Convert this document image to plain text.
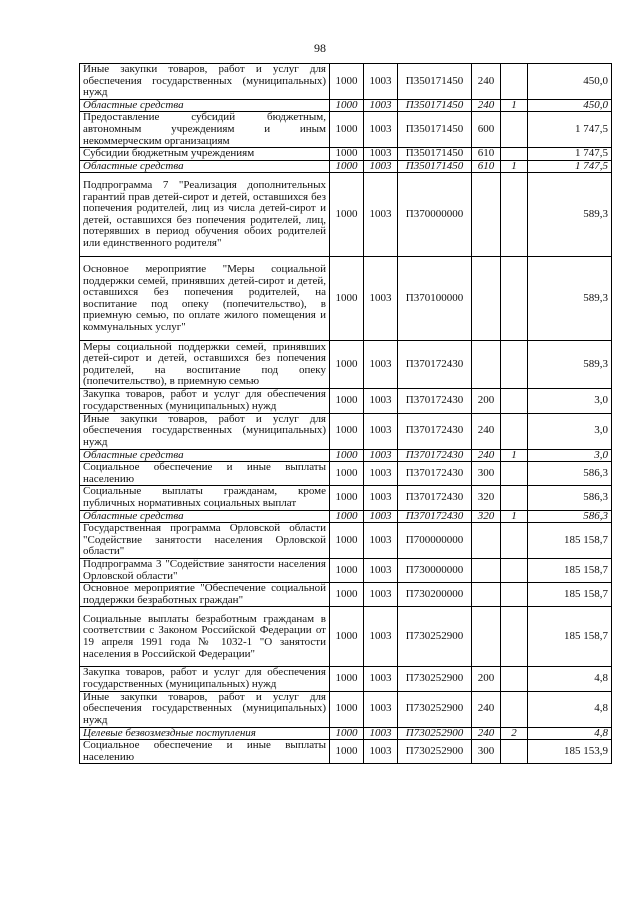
98
Иные закупки товаров, работ и услуг для обеспечения государственных (муниципальных) нужд	1000	1003	П350171450	240		450,0
Областные средства	1000	1003	П350171450	240	1	450,0
Предоставление субсидий бюджетным, автономным учреждениям и иным некоммерческим организациям	1000	1003	П350171450	600		1 747,5
Субсидии бюджетным учреждениям	1000	1003	П350171450	610		1 747,5
Областные средства	1000	1003	П350171450	610	1	1 747,5
Подпрограмма 7 "Реализация дополнительных гарантий прав детей-сирот и детей, оставшихся без попечения родителей, лиц из числа детей-сирот и детей, оставшихся без попечения родителей, лиц, потерявших в период обучения обоих родителей или единственного родителя"	1000	1003	П370000000			589,3
Основное мероприятие "Меры социальной поддержки семей, принявших детей-сирот и детей, оставшихся без попечения родителей, на воспитание под опеку (попечительство), в приемную семью, по оплате жилого помещения и коммунальных услуг"	1000	1003	П370100000			589,3
Меры социальной поддержки семей, принявших детей-сирот и детей, оставшихся без попечения родителей, на воспитание под опеку (попечительство), в приемную семью	1000	1003	П370172430			589,3
Закупка товаров, работ и услуг для обеспечения государственных (муниципальных) нужд	1000	1003	П370172430	200		3,0
Иные закупки товаров, работ и услуг для обеспечения государственных (муниципальных) нужд	1000	1003	П370172430	240		3,0
Областные средства	1000	1003	П370172430	240	1	3,0
Социальное обеспечение и иные выплаты населению	1000	1003	П370172430	300		586,3
Социальные выплаты гражданам, кроме публичных нормативных социальных выплат	1000	1003	П370172430	320		586,3
Областные средства	1000	1003	П370172430	320	1	586,3
Государственная программа Орловской области "Содействие занятости населения Орловской области"	1000	1003	П700000000			185 158,7
Подпрограмма 3 "Содействие занятости населения Орловской области"	1000	1003	П730000000			185 158,7
Основное мероприятие "Обеспечение социальной поддержки безработных граждан"	1000	1003	П730200000			185 158,7
Социальные выплаты безработным гражданам в соответствии с Законом Российской Федерации от 19 апреля 1991 года № 1032-1 "О занятости населения в Российской Федерации"	1000	1003	П730252900			185 158,7
Закупка товаров, работ и услуг для обеспечения государственных (муниципальных) нужд	1000	1003	П730252900	200		4,8
Иные закупки товаров, работ и услуг для обеспечения государственных (муниципальных) нужд	1000	1003	П730252900	240		4,8
Целевые безвозмездные поступления	1000	1003	П730252900	240	2	4,8
Социальное обеспечение и иные выплаты населению	1000	1003	П730252900	300		185 153,9
